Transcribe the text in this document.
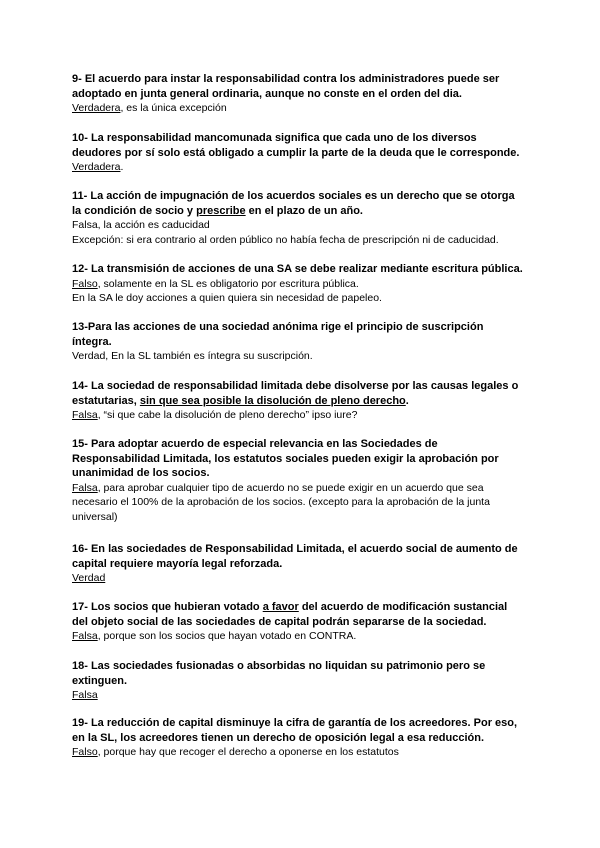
9- El acuerdo para instar la responsabilidad contra los administradores puede ser

adoptado en junta general ordinaria, aunque no conste en el orden del dia.

Verdadera, es la única excepción

10- La responsabilidad mancomunada significa que cada uno de los diversos

deudores por sí solo está obligado a cumplir la parte de la deuda que le corresponde.

Verdadera.

11- La acción de impugnación de los acuerdos sociales es un derecho que se otorga

la condición de socio y prescribe en el plazo de un año.

Falsa, la acción es caducidad

Excepción: si era contrario al orden público no había fecha de prescripción ni de caducidad.

12- La transmisión de acciones de una SA se debe realizar mediante escritura pública.

Falso, solamente en la SL es obligatorio por escritura pública.

En la SA le doy acciones a quien quiera sin necesidad de papeleo.

13-Para las acciones de una sociedad anónima rige el principio de suscripción

íntegra.

Verdad, En la SL también es íntegra su suscripción.

14- La sociedad de responsabilidad limitada debe disolverse por las causas legales o

estatutarias, sin que sea posible la disolución de pleno derecho.

Falsa, “si que cabe la disolución de pleno derecho” ipso iure?

15- Para adoptar acuerdo de especial relevancia en las Sociedades de

Responsabilidad Limitada, los estatutos sociales pueden exigir la aprobación por

unanimidad de los socios.

Falsa, para aprobar cualquier tipo de acuerdo no se puede exigir en un acuerdo que sea

necesario el 100% de la aprobación de los socios. (excepto para la aprobación de la junta

universal)

16- En las sociedades de Responsabilidad Limitada, el acuerdo social de aumento de

capital requiere mayoría legal reforzada.

Verdad

17- Los socios que hubieran votado a favor del acuerdo de modificación sustancial

del objeto social de las sociedades de capital podrán separarse de la sociedad.

Falsa, porque son los socios que hayan votado en CONTRA.

18- Las sociedades fusionadas o absorbidas no liquidan su patrimonio pero se

extinguen.

Falsa

19- La reducción de capital disminuye la cifra de garantía de los acreedores. Por eso,

en la SL, los acreedores tienen un derecho de oposición legal a esa reducción.

Falso, porque hay que recoger el derecho a oponerse en los estatutos
